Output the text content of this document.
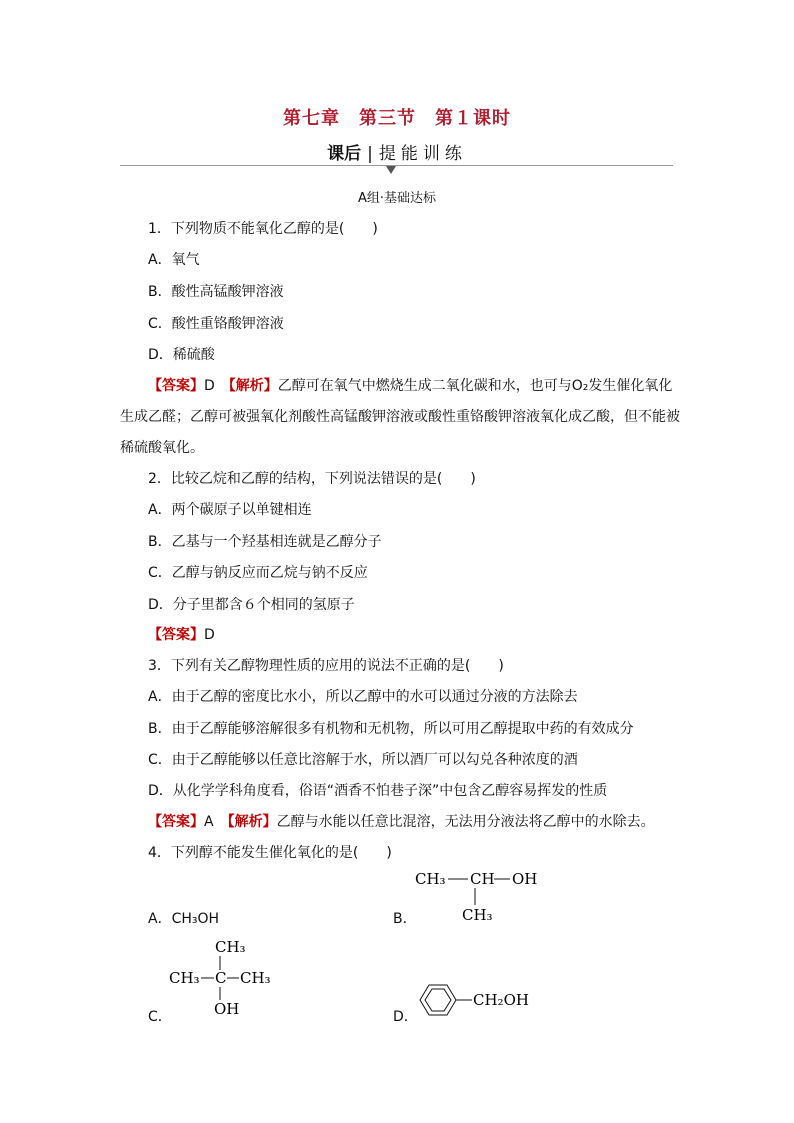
第七章　第三节　第１课时
课后 | 提能训练
A组·基础达标
1．下列物质不能氧化乙醇的是(　　)
A．氧气
B．酸性高锰酸钾溶液
C．酸性重铬酸钾溶液
D．稀硫酸
【答案】D　 【解析】乙醇可在氧气中燃烧生成二氧化碳和水，也可与O₂发生催化氧化
生成乙醛；乙醇可被强氧化剂酸性高锰酸钾溶液或酸性重铬酸钾溶液氧化成乙酸，但不能被
稀硫酸氧化。
2．比较乙烷和乙醇的结构，下列说法错误的是(　　)
A．两个碳原子以单键相连
B．乙基与一个羟基相连就是乙醇分子
C．乙醇与钠反应而乙烷与钠不反应
D．分子里都含６个相同的氢原子
【答案】D
3．下列有关乙醇物理性质的应用的说法不正确的是(　　)
A．由于乙醇的密度比水小，所以乙醇中的水可以通过分液的方法除去
B．由于乙醇能够溶解很多有机物和无机物，所以可用乙醇提取中药的有效成分
C．由于乙醇能够以任意比溶解于水，所以酒厂可以勾兑各种浓度的酒
D．从化学学科角度看，俗语“酒香不怕巷子深”中包含乙醇容易挥发的性质
【答案】A　 【解析】乙醇与水能以任意比混溶，无法用分液法将乙醇中的水除去。
4．下列醇不能发生催化氧化的是(　　)
A．CH₃OH	B．
CH₃ CH OH
CH₃
C．
CH₃
CH₃ C CH₃
OH	D．
CH₂OH
